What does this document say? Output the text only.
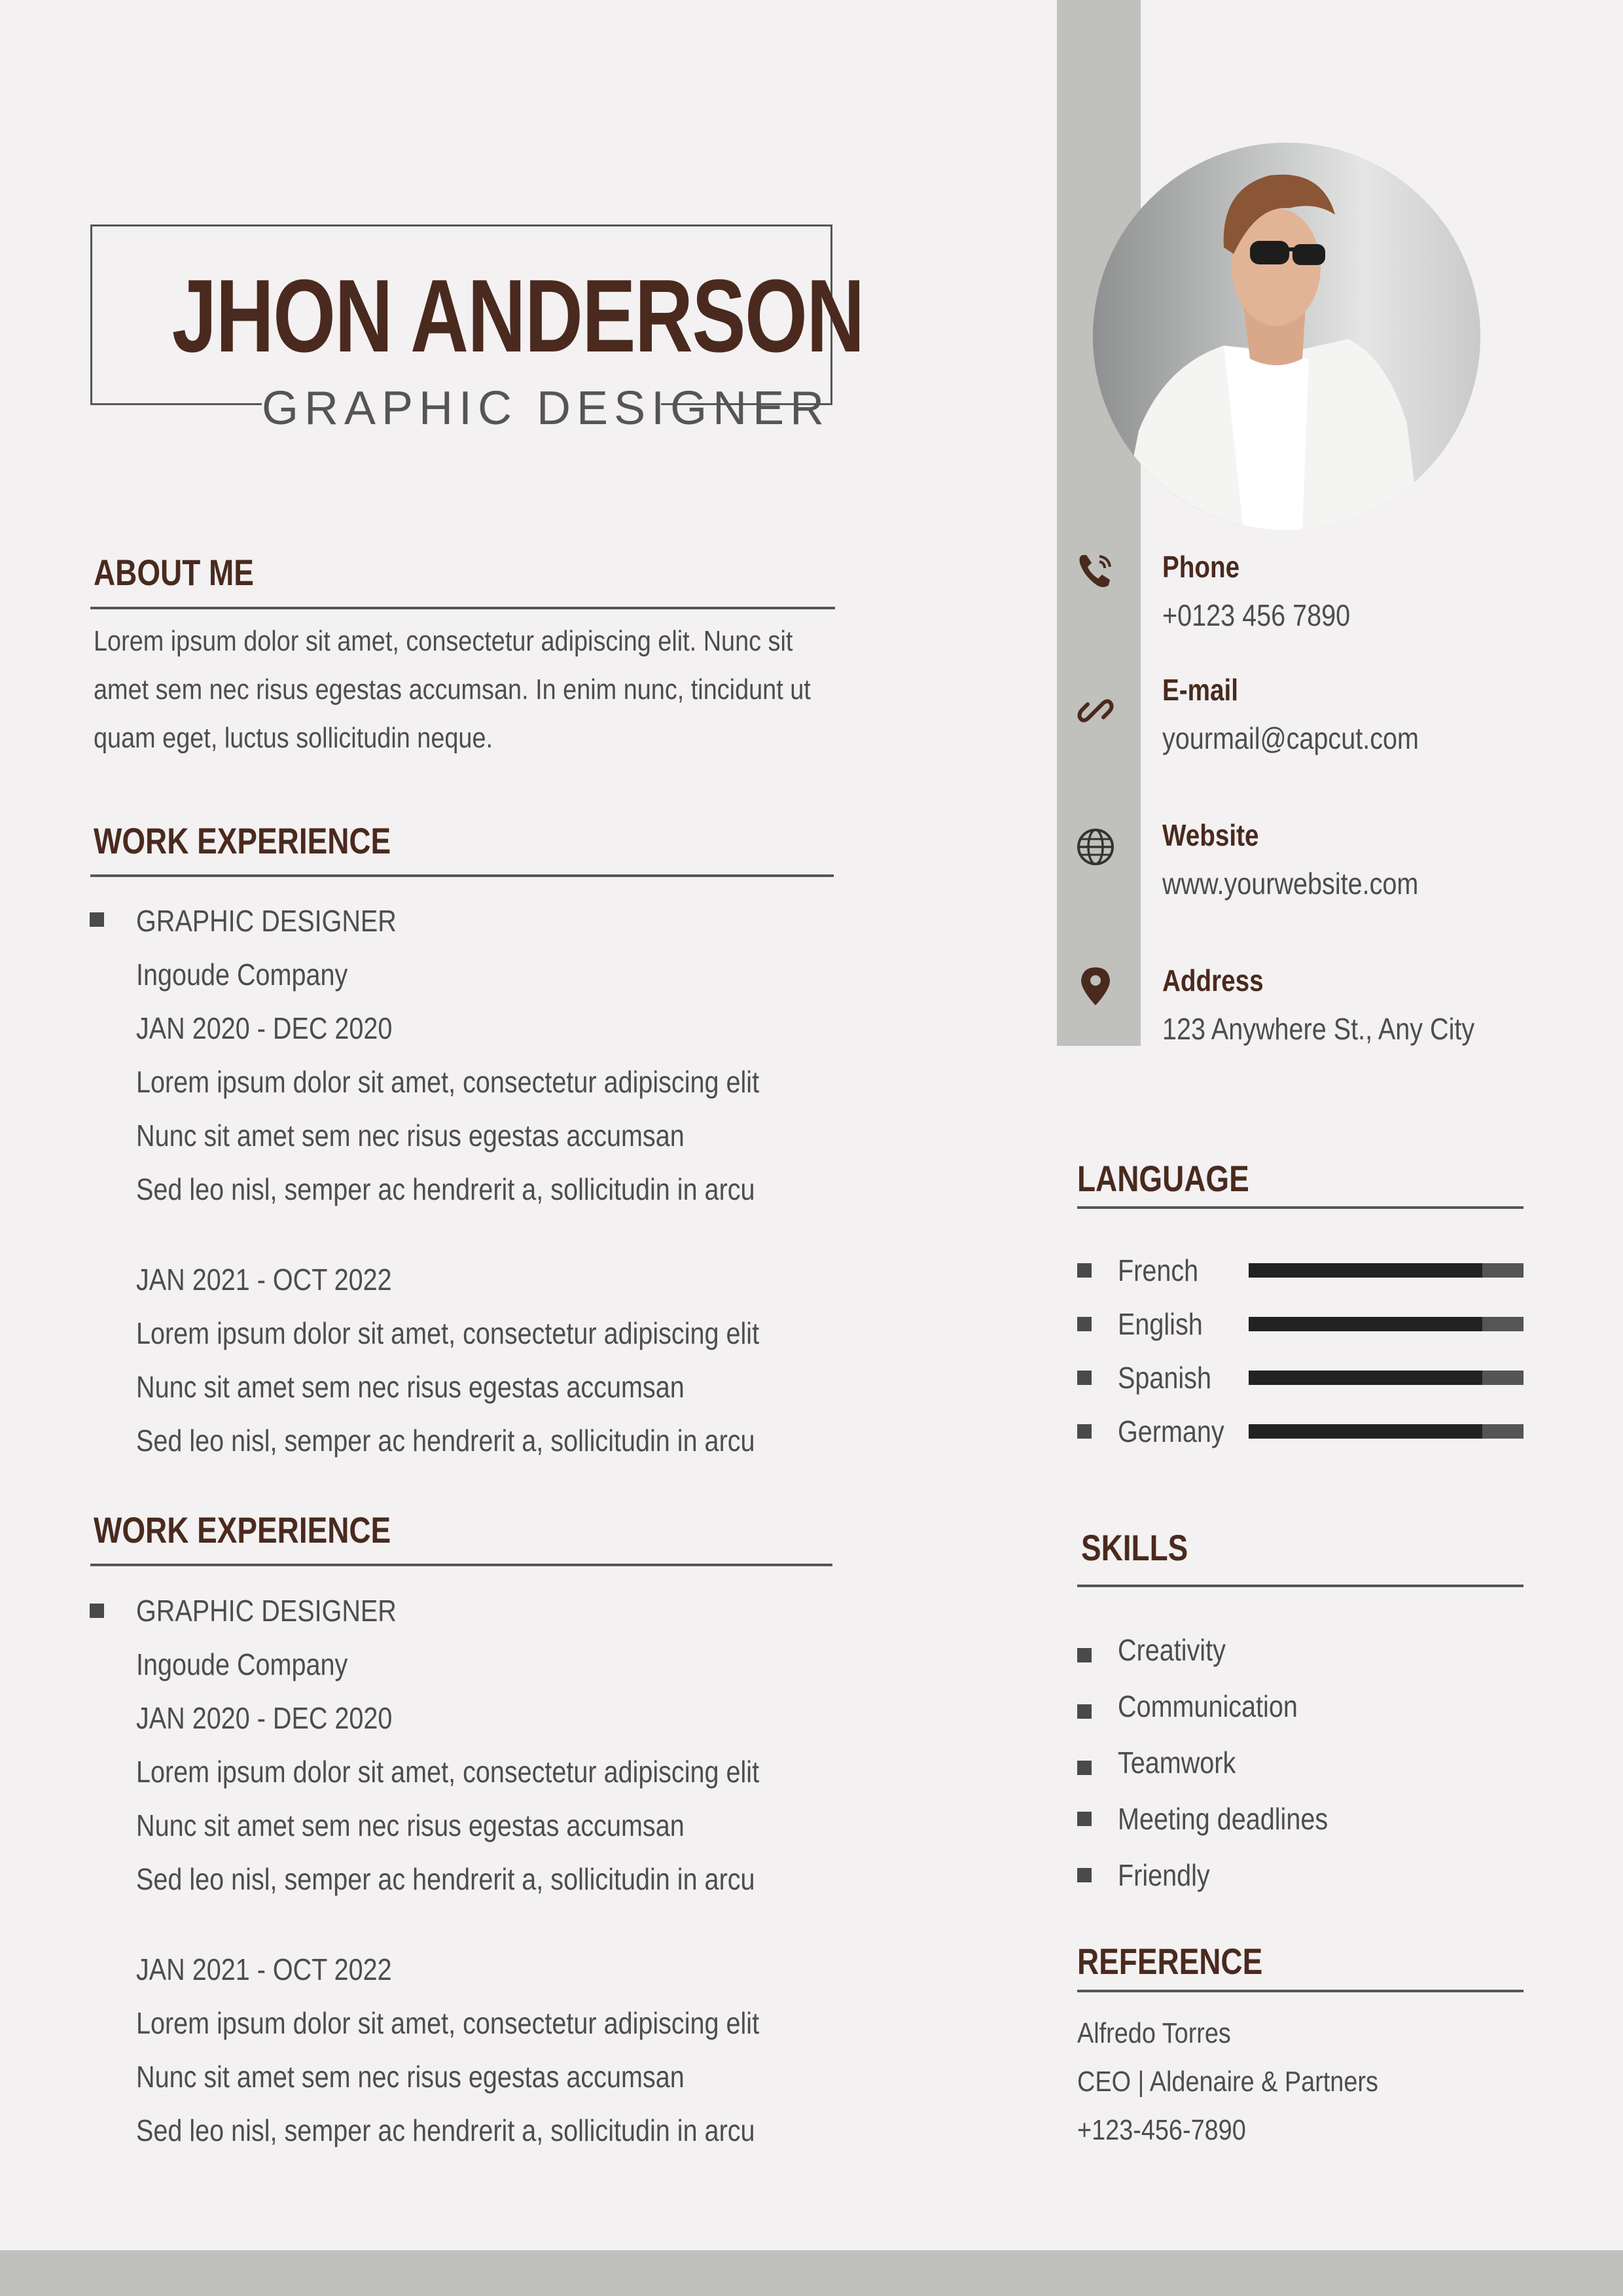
JHON ANDERSON
GRAPHIC DESIGNER
ABOUT ME
Lorem ipsum dolor sit amet, consectetur adipiscing elit. Nunc sit
amet sem nec risus egestas accumsan. In enim nunc, tincidunt ut
quam eget, luctus sollicitudin neque.
WORK EXPERIENCE
GRAPHIC DESIGNER
Ingoude Company
JAN 2020 - DEC 2020
Lorem ipsum dolor sit amet, consectetur adipiscing elit
Nunc sit amet sem nec risus egestas accumsan
Sed leo nisl, semper ac hendrerit a, sollicitudin in arcu
JAN 2021 - OCT 2022
Lorem ipsum dolor sit amet, consectetur adipiscing elit
Nunc sit amet sem nec risus egestas accumsan
Sed leo nisl, semper ac hendrerit a, sollicitudin in arcu
WORK EXPERIENCE
GRAPHIC DESIGNER
Ingoude Company
JAN 2020 - DEC 2020
Lorem ipsum dolor sit amet, consectetur adipiscing elit
Nunc sit amet sem nec risus egestas accumsan
Sed leo nisl, semper ac hendrerit a, sollicitudin in arcu
JAN 2021 - OCT 2022
Lorem ipsum dolor sit amet, consectetur adipiscing elit
Nunc sit amet sem nec risus egestas accumsan
Sed leo nisl, semper ac hendrerit a, sollicitudin in arcu
Phone
+0123 456 7890
E-mail
yourmail@capcut.com
Website
www.yourwebsite.com
Address
123 Anywhere St., Any City
LANGUAGE
French
English
Spanish
Germany
SKILLS
Creativity
Communication
Teamwork
Meeting deadlines
Friendly
REFERENCE
Alfredo Torres
CEO | Aldenaire & Partners
+123-456-7890
